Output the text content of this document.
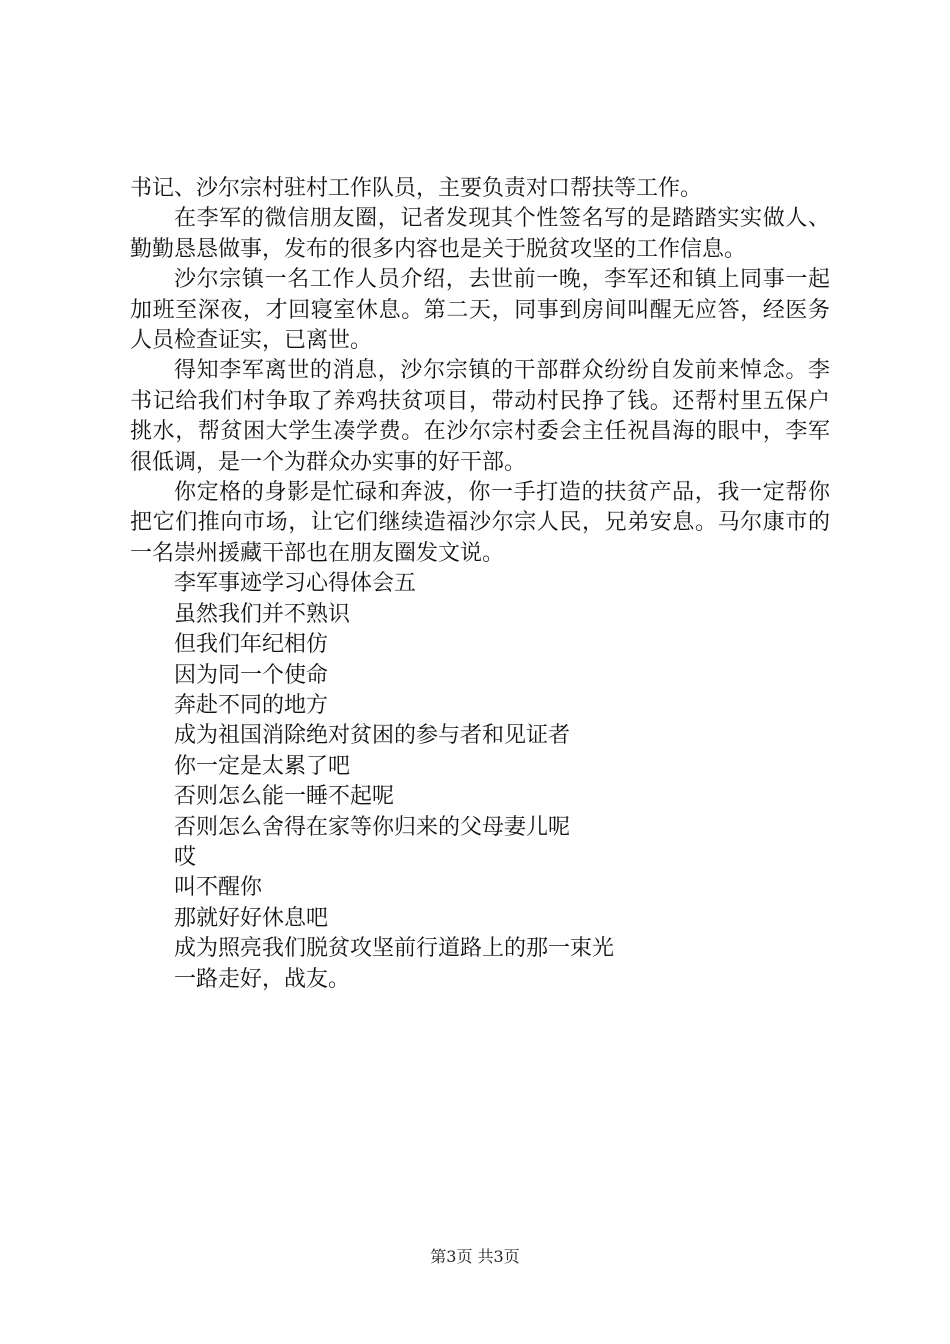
书记、沙尔宗村驻村工作队员，主要负责对口帮扶等工作。

在李军的微信朋友圈，记者发现其个性签名写的是踏踏实实做人、勤勤恳恳做事，发布的很多内容也是关于脱贫攻坚的工作信息。

沙尔宗镇一名工作人员介绍，去世前一晚，李军还和镇上同事一起加班至深夜，才回寝室休息。第二天，同事到房间叫醒无应答，经医务人员检查证实，已离世。

得知李军离世的消息，沙尔宗镇的干部群众纷纷自发前来悼念。李书记给我们村争取了养鸡扶贫项目，带动村民挣了钱。还帮村里五保户挑水，帮贫困大学生凑学费。在沙尔宗村委会主任祝昌海的眼中，李军很低调，是一个为群众办实事的好干部。

你定格的身影是忙碌和奔波，你一手打造的扶贫产品，我一定帮你把它们推向市场，让它们继续造福沙尔宗人民，兄弟安息。马尔康市的一名崇州援藏干部也在朋友圈发文说。

李军事迹学习心得体会五

虽然我们并不熟识
但我们年纪相仿
因为同一个使命
奔赴不同的地方
成为祖国消除绝对贫困的参与者和见证者
你一定是太累了吧
否则怎么能一睡不起呢
否则怎么舍得在家等你归来的父母妻儿呢
哎
叫不醒你
那就好好休息吧
成为照亮我们脱贫攻坚前行道路上的那一束光
一路走好，战友。
第3页 共3页
